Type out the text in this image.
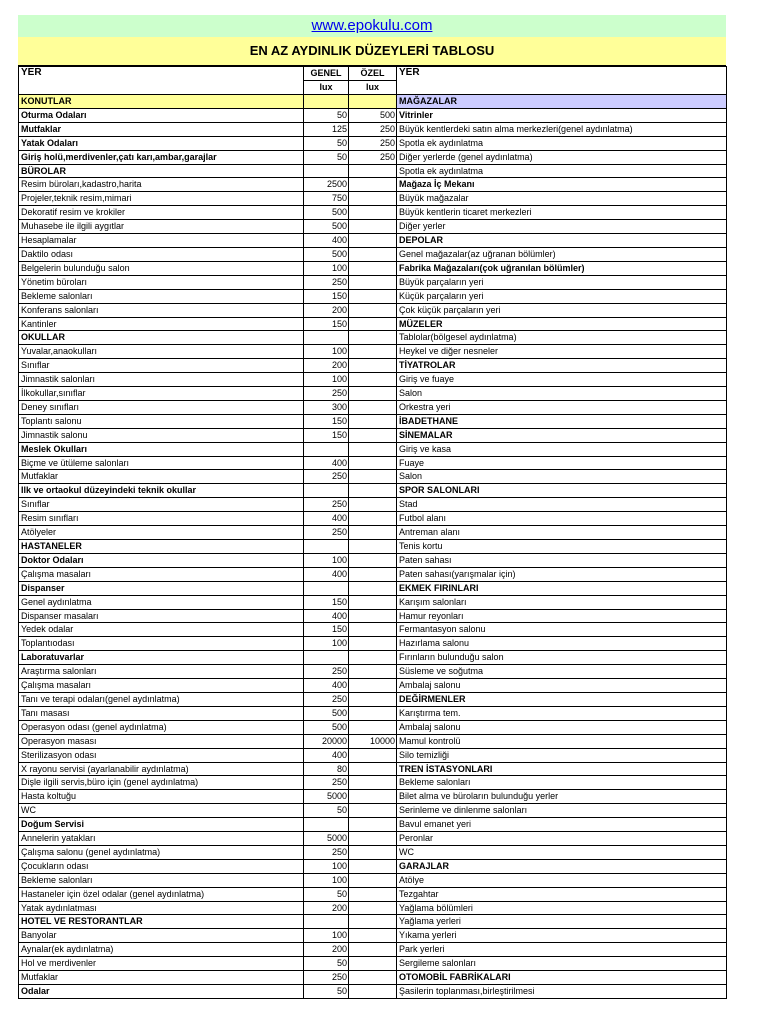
www.epokulu.com
EN AZ AYDINLIK DÜZEYLERİ TABLOSU
YER	GENEL	ÖZEL	YER
	lux	lux	
KONUTLAR			MAĞAZALAR
Oturma Odaları	50	500	Vitrinler
Mutfaklar	125	250	Büyük kentlerdeki satın alma merkezleri(genel aydınlatma)
Yatak Odaları	50	250	Spotla ek aydınlatma
Giriş holü,merdivenler,çatı karı,ambar,garajlar	50	250	Diğer yerlerde (genel aydınlatma)
BÜROLAR			Spotla ek aydınlatma
Resim büroları,kadastro,harita	2500		Mağaza İç Mekanı
Projeler,teknik resim,mimari	750		Büyük mağazalar
Dekoratif resim ve krokiler	500		Büyük kentlerin ticaret merkezleri
Muhasebe ile ilgili aygıtlar	500		Diğer yerler
Hesaplamalar	400		DEPOLAR
Daktilo odası	500		Genel mağazalar(az uğranan bölümler)
Belgelerin bulunduğu salon	100		Fabrika Mağazaları(çok uğranılan bölümler)
Yönetim büroları	250		Büyük parçaların yeri
Bekleme salonları	150		Küçük parçaların yeri
Konferans salonları	200		Çok küçük parçaların yeri
Kantinler	150		MÜZELER
OKULLAR			Tablolar(bölgesel aydınlatma)
Yuvalar,anaokulları	100		Heykel ve diğer nesneler
Sınıflar	200		TİYATROLAR
Jimnastik salonları	100		Giriş ve fuaye
İlkokullar,sınıflar	250		Salon
Deney sınıfları	300		Orkestra yeri
Toplantı salonu	150		İBADETHANE
Jimnastik salonu	150		SİNEMALAR
Meslek Okulları			Giriş ve kasa
Biçme ve ütüleme salonları	400		Fuaye
Mutfaklar	250		Salon
Ilk ve ortaokul düzeyindeki teknik okullar			SPOR SALONLARI
Sınıflar	250		Stad
Resim sınıfları	400		Futbol alanı
Atölyeler	250		Antreman alanı
HASTANELER			Tenis kortu
Doktor Odaları	100		Paten sahası
Çalışma masaları	400		Paten sahası(yarışmalar için)
Dispanser			EKMEK FIRINLARI
Genel aydınlatma	150		Karışım salonları
Dispanser masaları	400		Hamur reyonları
Yedek odalar	150		Fermantasyon salonu
Toplantıodası	100		Hazırlama salonu
Laboratuvarlar			Fırınların bulunduğu salon
Araştırma salonları	250		Süsleme ve soğutma
Çalışma masaları	400		Ambalaj salonu
Tanı ve terapi odaları(genel aydınlatma)	250		DEĞİRMENLER
Tanı masası	500		Karıştırma tem.
Operasyon odası (genel aydınlatma)	500		Ambalaj salonu
Operasyon masası	20000	10000	Mamul kontrolü
Sterilizasyon odası	400		Silo temizliği
X rayonu servisi (ayarlanabilir aydınlatma)	80		TREN İSTASYONLARI
Dişle ilgili servis,büro için (genel aydınlatma)	250		Bekleme salonları
Hasta koltuğu	5000		Bilet alma ve büroların bulunduğu yerler
WC	50		Serinleme ve dinlenme salonları
Doğum Servisi			Bavul emanet yeri
Annelerin yatakları	5000		Peronlar
Çalışma salonu (genel aydınlatma)	250		WC
Çocukların odası	100		GARAJLAR
Bekleme salonları	100		Atölye
Hastaneler için özel odalar (genel aydınlatma)	50		Tezgahtar
Yatak aydınlatması	200		Yağlama bölümleri
HOTEL VE RESTORANTLAR			Yağlama yerleri
Banyolar	100		Yıkama yerleri
Aynalar(ek aydınlatma)	200		Park yerleri
Hol ve merdivenler	50		Sergileme salonları
Mutfaklar	250		OTOMOBİL FABRİKALARI
Odalar	50		Şasilerin toplanması,birleştirilmesi
